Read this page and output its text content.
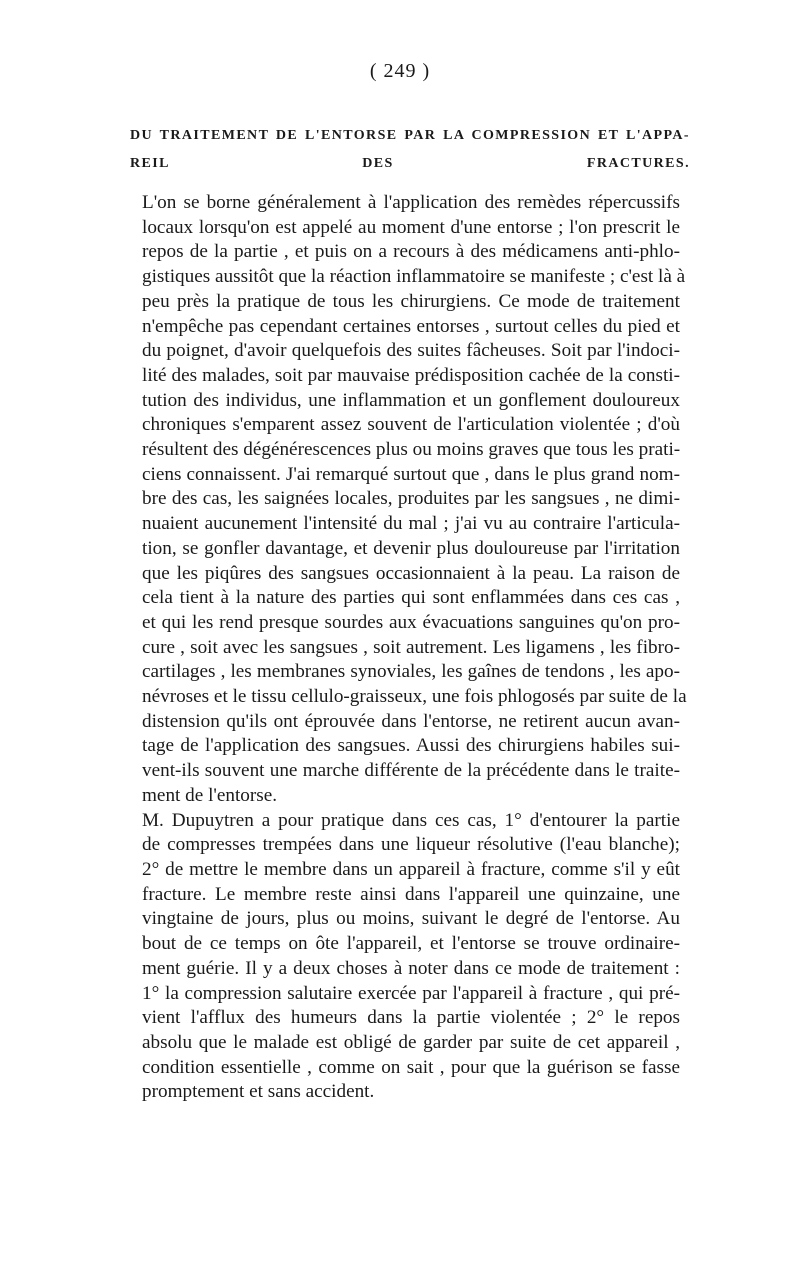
( 249 )
DU TRAITEMENT DE L'ENTORSE PAR LA COMPRESSION ET L'APPA-
REIL DES FRACTURES.
L'on se borne généralement à l'application des remèdes répercussifs
locaux lorsqu'on est appelé au moment d'une entorse ; l'on prescrit le
repos de la partie , et puis on a recours à des médicamens anti-phlo-
gistiques aussitôt que la réaction inflammatoire se manifeste ; c'est là à
peu près la pratique de tous les chirurgiens. Ce mode de traitement
n'empêche pas cependant certaines entorses , surtout celles du pied et
du poignet, d'avoir quelquefois des suites fâcheuses. Soit par l'indoci-
lité des malades, soit par mauvaise prédisposition cachée de la consti-
tution des individus, une inflammation et un gonflement douloureux
chroniques s'emparent assez souvent de l'articulation violentée ; d'où
résultent des dégénérescences plus ou moins graves que tous les prati-
ciens connaissent. J'ai remarqué surtout que , dans le plus grand nom-
bre des cas, les saignées locales, produites par les sangsues , ne dimi-
nuaient aucunement l'intensité du mal ; j'ai vu au contraire l'articula-
tion, se gonfler davantage, et devenir plus douloureuse par l'irritation
que les piqûres des sangsues occasionnaient à la peau. La raison de
cela tient à la nature des parties qui sont enflammées dans ces cas ,
et qui les rend presque sourdes aux évacuations sanguines qu'on pro-
cure , soit avec les sangsues , soit autrement. Les ligamens , les fibro-
cartilages , les membranes synoviales, les gaînes de tendons , les apo-
névroses et le tissu cellulo-graisseux, une fois phlogosés par suite de la
distension qu'ils ont éprouvée dans l'entorse, ne retirent aucun avan-
tage de l'application des sangsues. Aussi des chirurgiens habiles sui-
vent-ils souvent une marche différente de la précédente dans le traite-
ment de l'entorse.
M. Dupuytren a pour pratique dans ces cas, 1° d'entourer la partie
de compresses trempées dans une liqueur résolutive (l'eau blanche);
2° de mettre le membre dans un appareil à fracture, comme s'il y eût
fracture. Le membre reste ainsi dans l'appareil une quinzaine, une
vingtaine de jours, plus ou moins, suivant le degré de l'entorse. Au
bout de ce temps on ôte l'appareil, et l'entorse se trouve ordinaire-
ment guérie. Il y a deux choses à noter dans ce mode de traitement :
1° la compression salutaire exercée par l'appareil à fracture , qui pré-
vient l'afflux des humeurs dans la partie violentée ; 2° le repos
absolu que le malade est obligé de garder par suite de cet appareil ,
condition essentielle , comme on sait , pour que la guérison se fasse
promptement et sans accident.
